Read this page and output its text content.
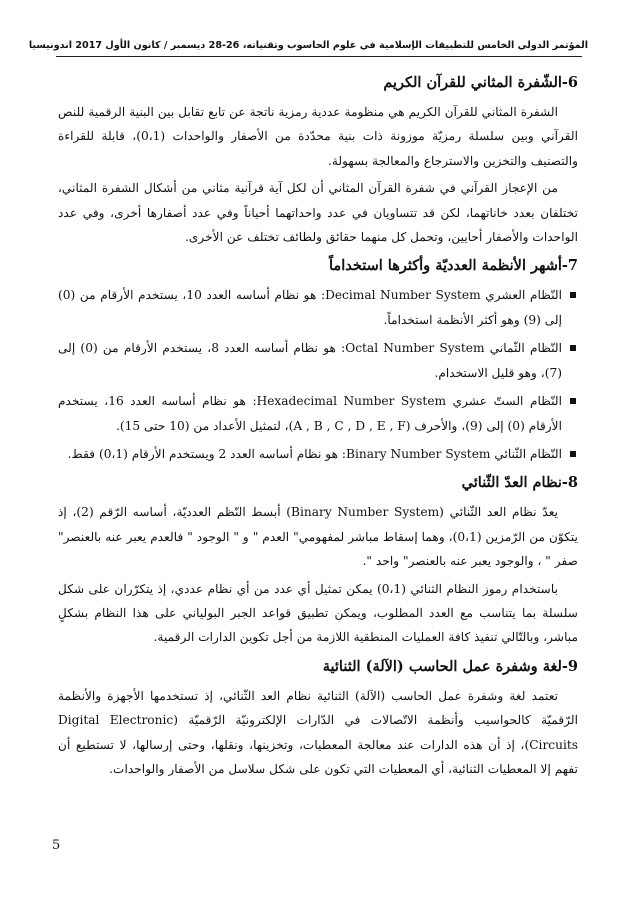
المؤتمر الدولي الخامس للتطبيقات الإسلامية في علوم الحاسوب وتقنياته، 26-28 ديسمبر / كانون الأول 2017 اندونيسيا
6-الشّفرة المثاني للقرآن الكريم

الشفرة المثاني للقرآن الكريم هي منظومة عددية رمزية ناتجة عن تابع تقابل بين البنية الرقمية للنص القرآني وبين سلسلة رمزيّة موزونة ذات بنية محدّدة من الأصفار والواحدات (0،1)، قابلة للقراءة والتصنيف والتخزين والاسترجاع والمعالجة بسهولة.

من الإعجاز القرآني في شفرة القرآن المثاني أن لكل آية قرآنية مثاني من أشكال الشفرة المثاني، تختلفان بعدد خاناتهما، لكن قد تتساويان في عدد واحداتهما أحياناً وفي عدد أصفارها أخرى، وفي عدد الواحدات والأصفار أحايين، وتحمل كل منهما حقائق ولطائف تختلف عن الأخرى.

7-أشهر الأنظمة العدديّة وأكثرها استخداماً
النّظام العشري Decimal Number System: هو نظام أساسه العدد 10، يستخدم الأرقام من (0) إلى (9) وهو أكثر الأنظمة استخداماً.
النّظام الثّماني Octal Number System: هو نظام أساسه العدد 8، يستخدم الأرقام من (0) إلى (7)، وهو قليل الاستخدام.
النّظام الستّ عشري Hexadecimal Number System: هو نظام أساسه العدد 16، يستخدم الأرقام (0) إلى (9)، والأحرف (A , B , C , D , E , F)، لتمثيل الأعداد من (10 حتى 15).
النّظام الثّنائي Binary Number System: هو نظام أساسه العدد 2 ويستخدم الأرقام (0،1) فقط.
8-نظام العدّ الثّنائي

يعدّ نظام العد الثّنائي (Binary Number System) أبسط النّظم العدديّة، أساسه الرّقم (2)، إذ يتكوّن من الرّمزين (0،1)، وهما إسقاط مباشر لمفهومي" العدم " و " الوجود " فالعدم يعبر عنه بالعنصر" صفر " ، والوجود يعبر عنه بالعنصر" واحد ".

باستخدام رموز النظام الثنائي (0،1) يمكن تمثيل أي عدد من أي نظام عددي، إذ يتكرّران على شكل سلسلة بما يتناسب مع العدد المطلوب، ويمكن تطبيق قواعد الجبر البولياني على هذا النظام بشكلٍ مباشر، وبالتّالي تنفيذ كافة العمليات المنطقية اللازمة من أجل تكوين الدارات الرقمية.

9-لغة وشفرة عمل الحاسب (الآلة) الثنائية

تعتمد لغة وشفرة عمل الحاسب (الآلة) الثنائية نظام العد الثّنائي، إذ تستخدمها الأجهزة والأنظمة الرّقميّة كالحواسيب وأنظمة الاتّصالات في الدّارات الإلكترونيّة الرّقميّة (Digital Electronic Circuits)، إذ أن هذه الدارات عند معالجة المعطيات، وتخزينها، ونقلها، وحتى إرسالها، لا تستطيع أن تفهم إلا المعطيات الثنائية، أي المعطيات التي تكون على شكل سلاسل من الأصفار والواحدات.

5
